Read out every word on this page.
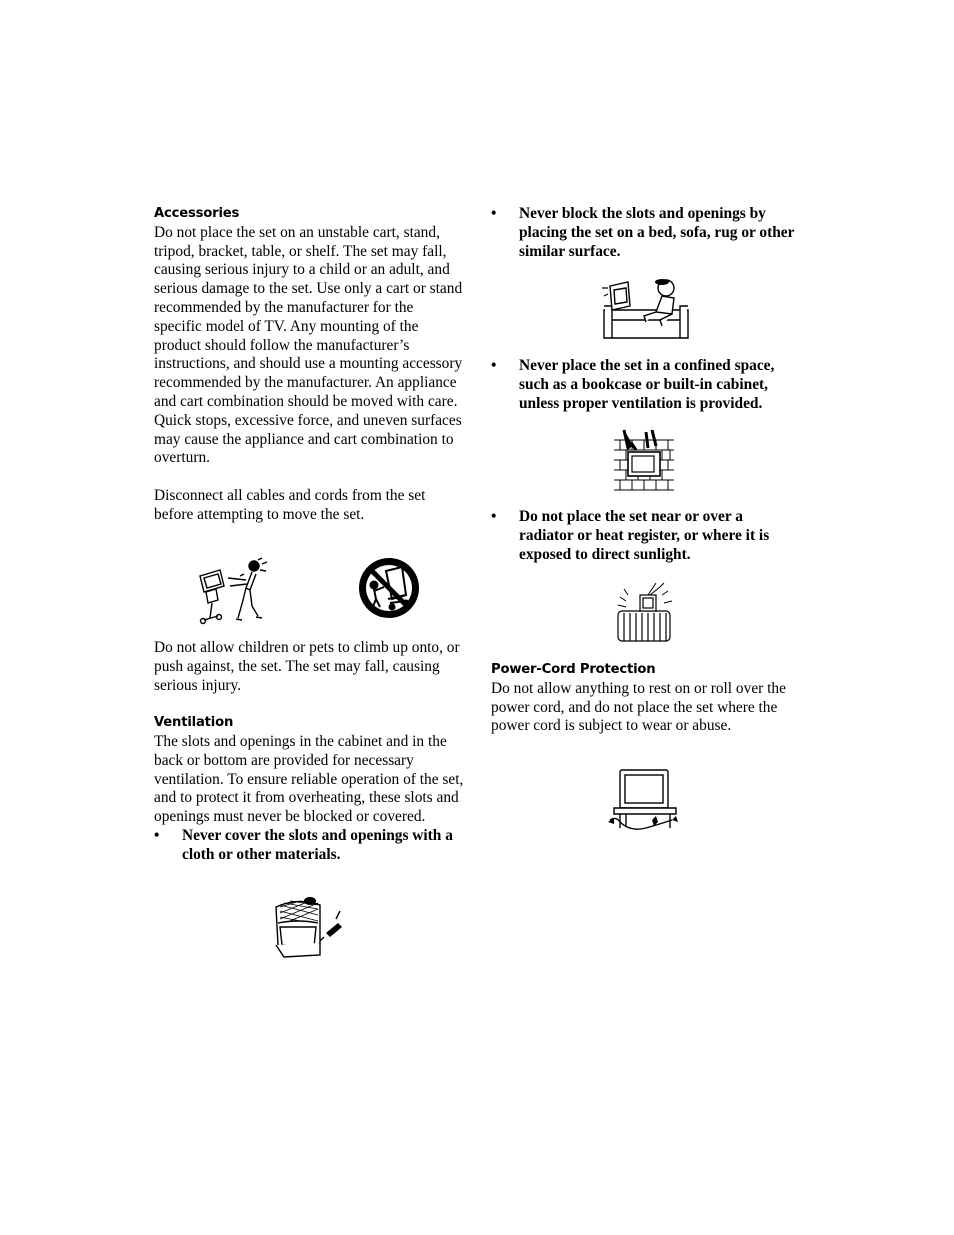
Accessories

Do not place the set on an unstable cart, stand, tripod, bracket, table, or shelf. The set may fall, causing serious injury to a child or an adult, and serious damage to the set. Use only a cart or stand recommended by the manufacturer for the specific model of TV. Any mounting of the product should follow the manufacturer’s instructions, and should use a mounting accessory recommended by the manufacturer. An appliance and cart combination should be moved with care. Quick stops, excessive force, and uneven surfaces may cause the appliance and cart combination to overturn.

Disconnect all cables and cords from the set before attempting to move the set.

Do not allow children or pets to climb up onto, or push against, the set. The set may fall, causing serious injury.

Ventilation

The slots and openings in the cabinet and in the back or bottom are provided for necessary ventilation. To ensure reliable operation of the set, and to protect it from overheating, these slots and openings must never be blocked or covered.

• Never cover the slots and openings with a cloth or other materials.
• Never block the slots and openings by placing the set on a bed, sofa, rug or other similar surface.
• Never place the set in a confined space, such as a bookcase or built-in cabinet, unless proper ventilation is provided.
• Do not place the set near or over a radiator or heat register, or where it is exposed to direct sunlight.
Power-Cord Protection

Do not allow anything to rest on or roll over the power cord, and do not place the set where the power cord is subject to wear or abuse.
